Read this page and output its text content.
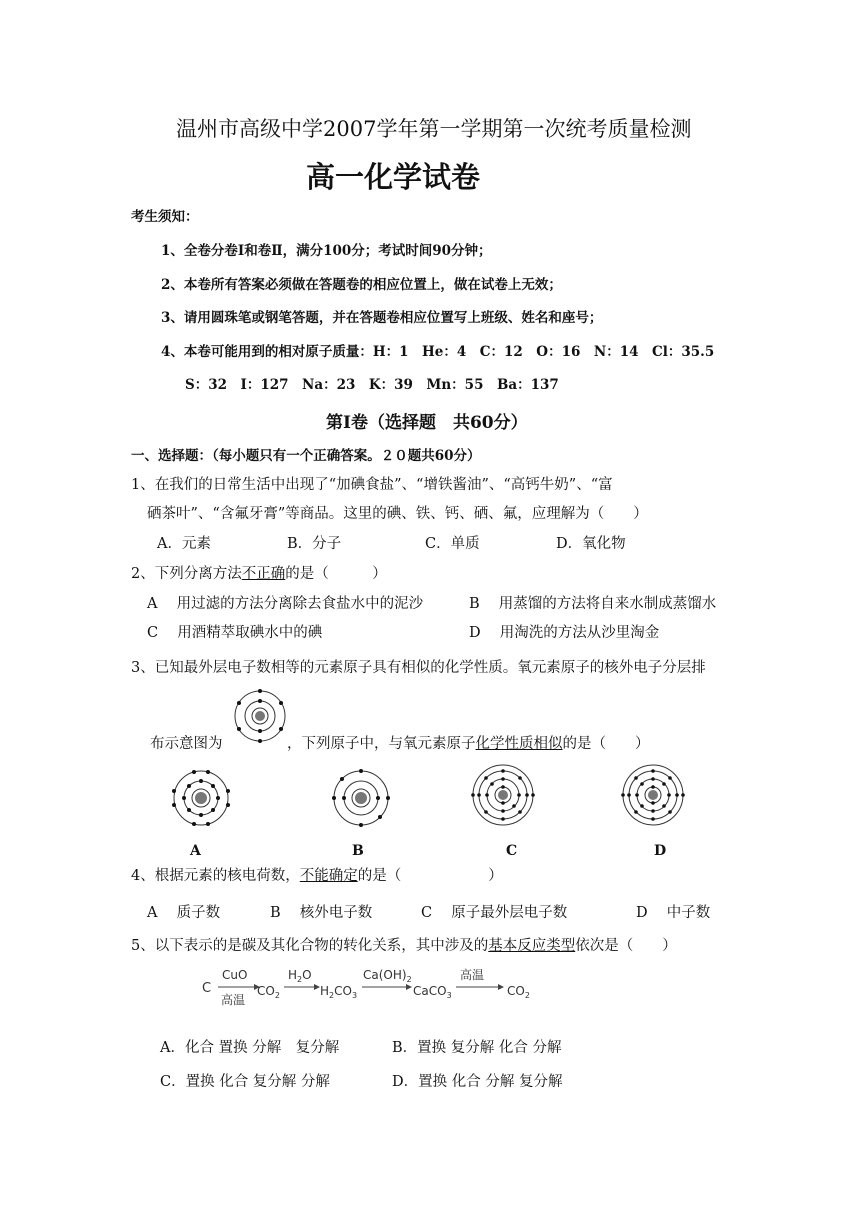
温州市高级中学2007学年第一学期第一次统考质量检测
高一化学试卷
考生须知：
1、全卷分卷Ⅰ和卷Ⅱ，满分100分；考试时间90分钟；
2、本卷所有答案必须做在答题卷的相应位置上，做在试卷上无效；
3、请用圆珠笔或钢笔答题，并在答题卷相应位置写上班级、姓名和座号；
4、本卷可能用到的相对原子质量：H：1　He：4　C：12　O：16　N：14　Cl：35.5
S：32　I：127　Na：23　K：39　Mn：55　Ba：137
第Ⅰ卷（选择题　共60分）
一、选择题：（每小题只有一个正确答案。２０题共60分）
1、在我们的日常生活中出现了“加碘食盐”、“增铁酱油”、“高钙牛奶”、“富
硒茶叶”、“含氟牙膏”等商品。这里的碘、铁、钙、硒、氟，应理解为（　　）
A．元素	B．分子	C．单质	D．氧化物
2、下列分离方法不正确的是（　　　）
A　 用过滤的方法分离除去食盐水中的泥沙	B　 用蒸馏的方法将自来水制成蒸馏水
C　 用酒精萃取碘水中的碘	D　 用淘洗的方法从沙里淘金
3、已知最外层电子数相等的元素原子具有相似的化学性质。氧元素原子的核外电子分层排
布示意图为	，下列原子中，与氧元素原子化学性质相似的是（　　）
A	B	C	D
4、根据元素的核电荷数，不能确定的是（　　　　　　）
A　 质子数	B　 核外电子数	C　 原子最外层电子数	D　 中子数
5、以下表示的是碳及其化合物的转化关系，其中涉及的基本反应类型依次是（　　）
C
CuO
高温
$CO_2$
$H_2O$
$H_2CO_3$
$Ca(OH)_2$
CaCO$_3$
高温
$CO_2$
A．化合 置换 分解　复分解	B．置换 复分解 化合 分解
C．置换 化合 复分解 分解	D．置换 化合 分解 复分解
